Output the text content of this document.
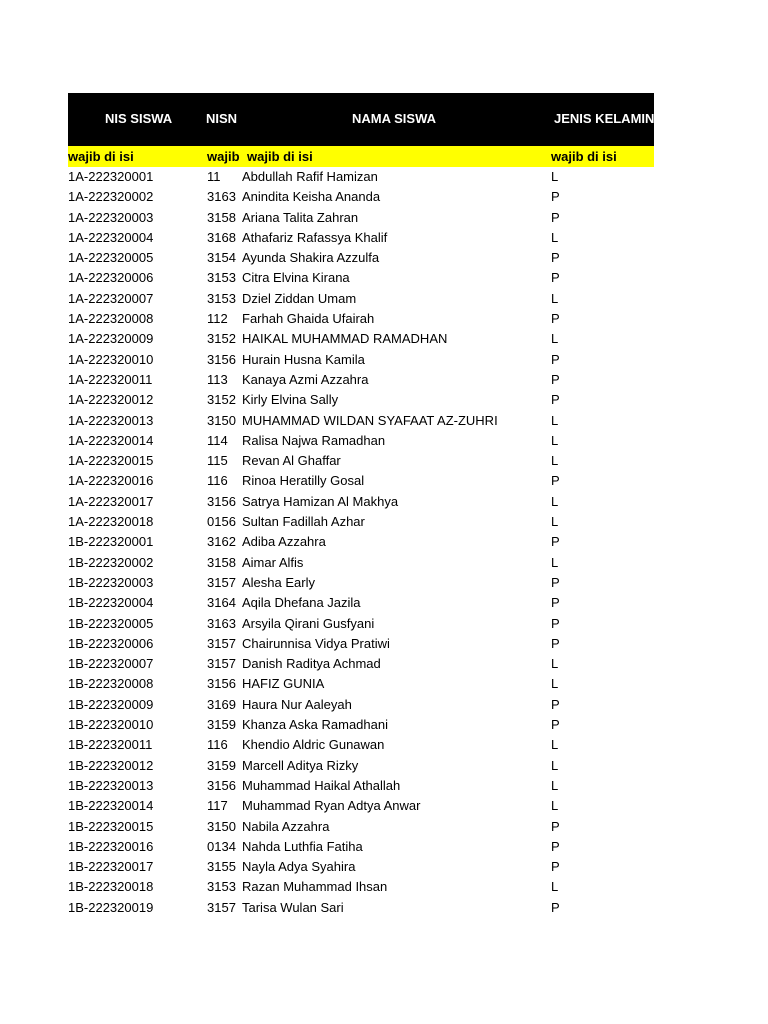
NIS SISWA	NISN	NAMA SISWA	JENIS KELAMIN
wajib di isi	wajib wajib di isi	wajib di isi
1A-222320001	11	Abdullah Rafif Hamizan	L
1A-222320002	3163 Anindita Keisha Ananda	P
1A-222320003	3158 Ariana Talita Zahran	P
1A-222320004	3168 Athafariz Rafassya Khalif	L
1A-222320005	3154 Ayunda Shakira Azzulfa	P
1A-222320006	3153 Citra Elvina Kirana	P
1A-222320007	3153 Dziel Ziddan Umam	L
1A-222320008	112	Farhah Ghaida Ufairah	P
1A-222320009	3152 HAIKAL MUHAMMAD RAMADHAN	L
1A-222320010	3156 Hurain Husna Kamila	P
1A-222320011	113	Kanaya Azmi Azzahra	P
1A-222320012	3152 Kirly Elvina Sally	P
1A-222320013	3150 MUHAMMAD WILDAN SYAFAAT AZ-ZUHRI	L
1A-222320014	114	Ralisa Najwa Ramadhan	L
1A-222320015	115	Revan Al Ghaffar	L
1A-222320016	116	Rinoa Heratilly Gosal	P
1A-222320017	3156 Satrya Hamizan Al Makhya	L
1A-222320018	0156 Sultan Fadillah Azhar	L
1B-222320001	3162 Adiba Azzahra	P
1B-222320002	3158 Aimar Alfis	L
1B-222320003	3157 Alesha Early	P
1B-222320004	3164 Aqila Dhefana Jazila	P
1B-222320005	3163 Arsyila Qirani Gusfyani	P
1B-222320006	3157 Chairunnisa Vidya Pratiwi	P
1B-222320007	3157 Danish Raditya Achmad	L
1B-222320008	3156 HAFIZ GUNIA	L
1B-222320009	3169 Haura Nur Aaleyah	P
1B-222320010	3159 Khanza Aska Ramadhani	P
1B-222320011	116	Khendio Aldric Gunawan	L
1B-222320012	3159 Marcell Aditya Rizky	L
1B-222320013	3156 Muhammad Haikal Athallah	L
1B-222320014	117	Muhammad Ryan Adtya Anwar	L
1B-222320015	3150 Nabila Azzahra	P
1B-222320016	0134 Nahda Luthfia Fatiha	P
1B-222320017	3155 Nayla Adya Syahira	P
1B-222320018	3153 Razan Muhammad Ihsan	L
1B-222320019	3157 Tarisa Wulan Sari	P
